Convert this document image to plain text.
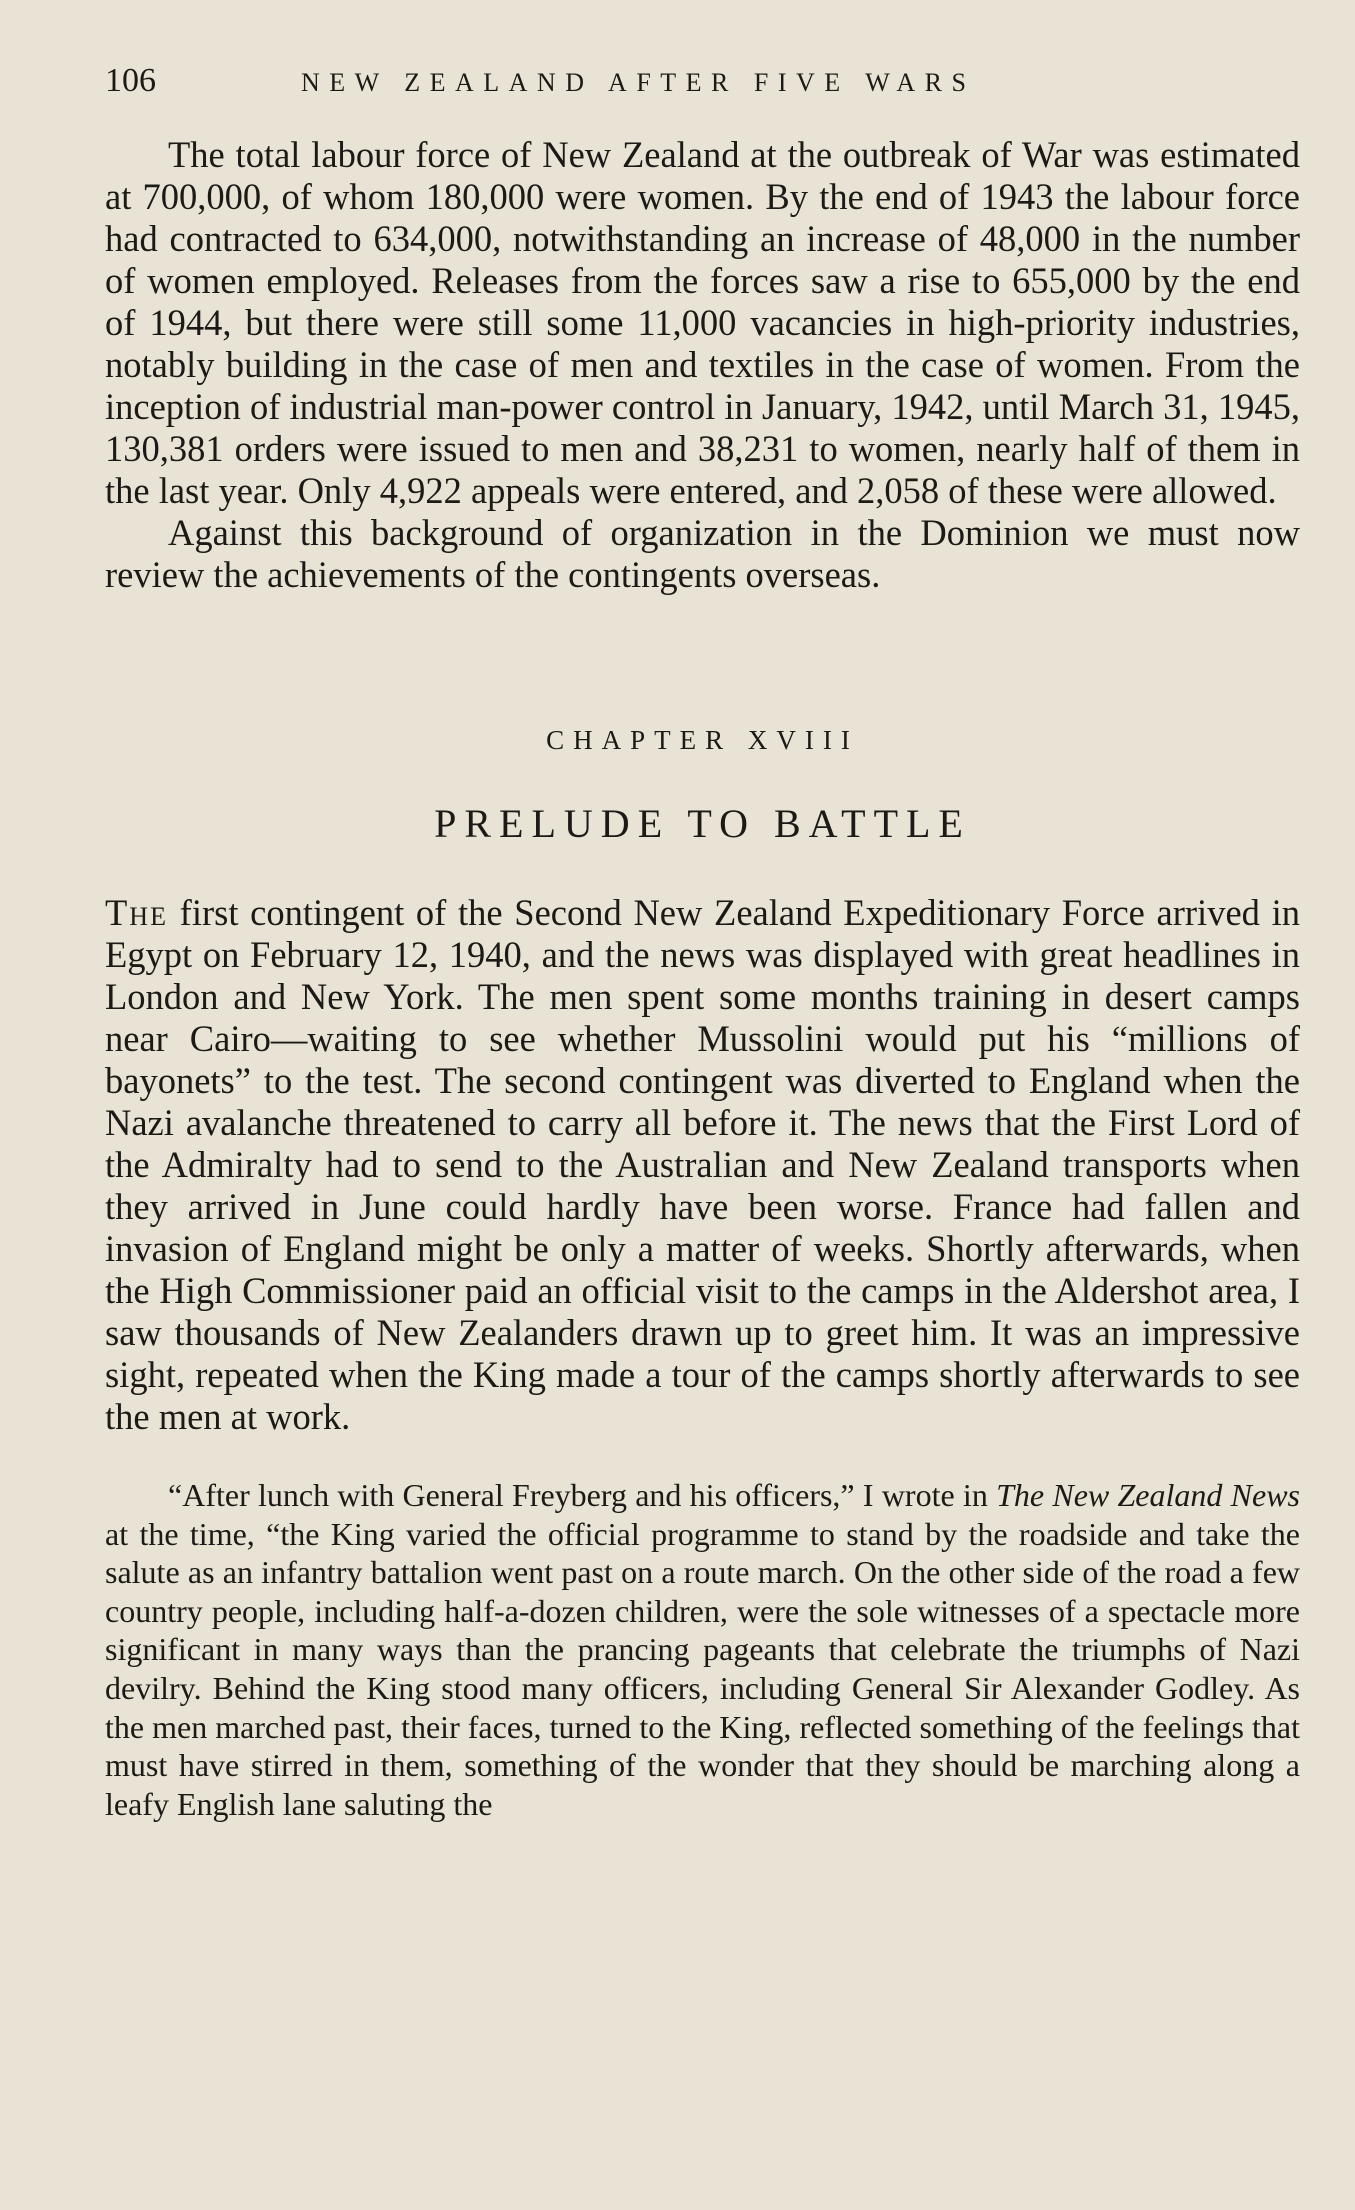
106	NEW ZEALAND AFTER FIVE WARS

The total labour force of New Zealand at the outbreak of War was estimated at 700,000, of whom 180,000 were women. By the end of 1943 the labour force had contracted to 634,000, notwithstanding an increase of 48,000 in the number of women employed. Releases from the forces saw a rise to 655,000 by the end of 1944, but there were still some 11,000 vacancies in high-priority industries, notably building in the case of men and textiles in the case of women. From the inception of industrial man-power control in January, 1942, until March 31, 1945, 130,381 orders were issued to men and 38,231 to women, nearly half of them in the last year. Only 4,922 appeals were entered, and 2,058 of these were allowed.

Against this background of organization in the Dominion we must now review the achievements of the contingents overseas.

CHAPTER XVIII
PRELUDE TO BATTLE

The first contingent of the Second New Zealand Expeditionary Force arrived in Egypt on February 12, 1940, and the news was displayed with great headlines in London and New York. The men spent some months training in desert camps near Cairo—waiting to see whether Mussolini would put his “millions of bayonets” to the test. The second contingent was diverted to England when the Nazi avalanche threatened to carry all before it. The news that the First Lord of the Admiralty had to send to the Australian and New Zealand transports when they arrived in June could hardly have been worse. France had fallen and invasion of England might be only a matter of weeks. Shortly afterwards, when the High Commissioner paid an official visit to the camps in the Aldershot area, I saw thousands of New Zealanders drawn up to greet him. It was an impressive sight, repeated when the King made a tour of the camps shortly afterwards to see the men at work.

“After lunch with General Freyberg and his officers,” I wrote in The New Zealand News at the time, “the King varied the official programme to stand by the roadside and take the salute as an infantry battalion went past on a route march. On the other side of the road a few country people, including half-a-dozen children, were the sole witnesses of a spectacle more significant in many ways than the prancing pageants that celebrate the triumphs of Nazi devilry. Behind the King stood many officers, including General Sir Alexander Godley. As the men marched past, their faces, turned to the King, reflected something of the feelings that must have stirred in them, something of the wonder that they should be marching along a leafy English lane saluting the
